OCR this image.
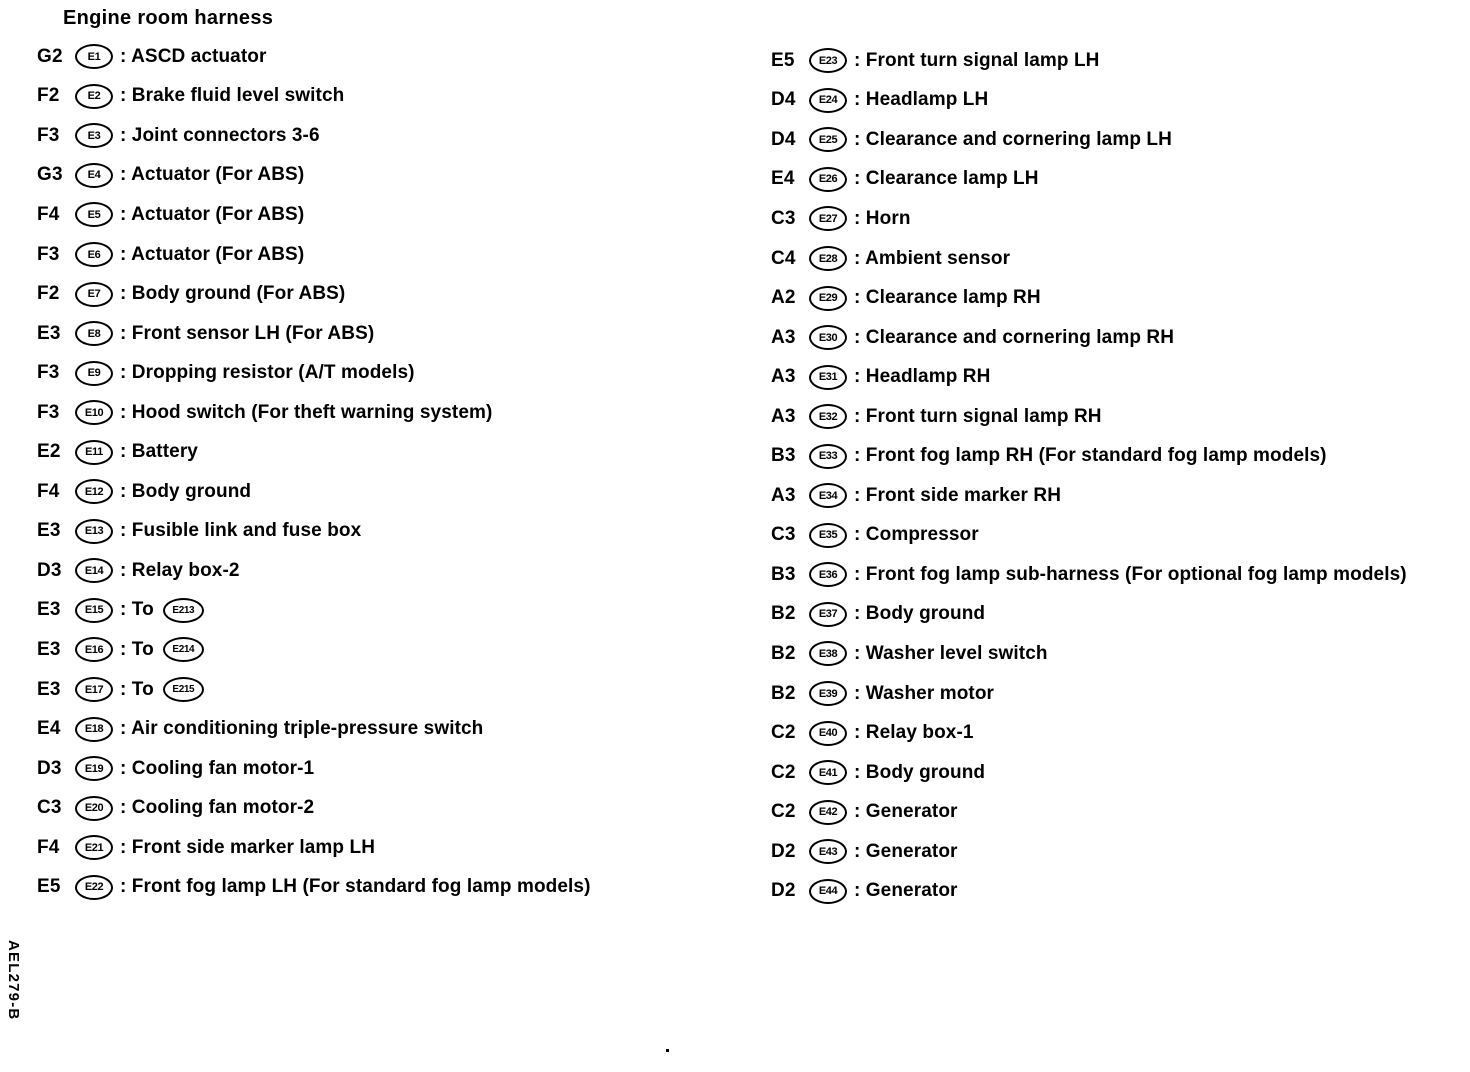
Engine room harness
G2	E1 : ASCD actuator
F2	E2 : Brake fluid level switch
F3	E3 : Joint connectors 3-6
G3	E4 : Actuator (For ABS)
F4	E5 : Actuator (For ABS)
F3	E6 : Actuator (For ABS)
F2	E7 : Body ground (For ABS)
E3	E8 : Front sensor LH (For ABS)
F3	E9 : Dropping resistor (A/T models)
F3	E10 : Hood switch (For theft warning system)
E2	E11 : Battery
F4	E12 : Body ground
E3	E13 : Fusible link and fuse box
D3	E14 : Relay box-2
E3	E15 : To E213
E3	E16 : To E214
E3	E17 : To E215
E4	E18 : Air conditioning triple-pressure switch
D3	E19 : Cooling fan motor-1
C3	E20 : Cooling fan motor-2
F4	E21 : Front side marker lamp LH
E5	E22 : Front fog lamp LH (For standard fog lamp models)
E5	E23 : Front turn signal lamp LH
D4	E24 : Headlamp LH
D4	E25 : Clearance and cornering lamp LH
E4	E26 : Clearance lamp LH
C3	E27 : Horn
C4	E28 : Ambient sensor
A2	E29 : Clearance lamp RH
A3	E30 : Clearance and cornering lamp RH
A3	E31 : Headlamp RH
A3	E32 : Front turn signal lamp RH
B3	E33 : Front fog lamp RH (For standard fog lamp models)
A3	E34 : Front side marker RH
C3	E35 : Compressor
B3	E36 : Front fog lamp sub-harness (For optional fog lamp models)
B2	E37 : Body ground
B2	E38 : Washer level switch
B2	E39 : Washer motor
C2	E40 : Relay box-1
C2	E41 : Body ground
C2	E42 : Generator
D2	E43 : Generator
D2	E44 : Generator
AEL279-B
